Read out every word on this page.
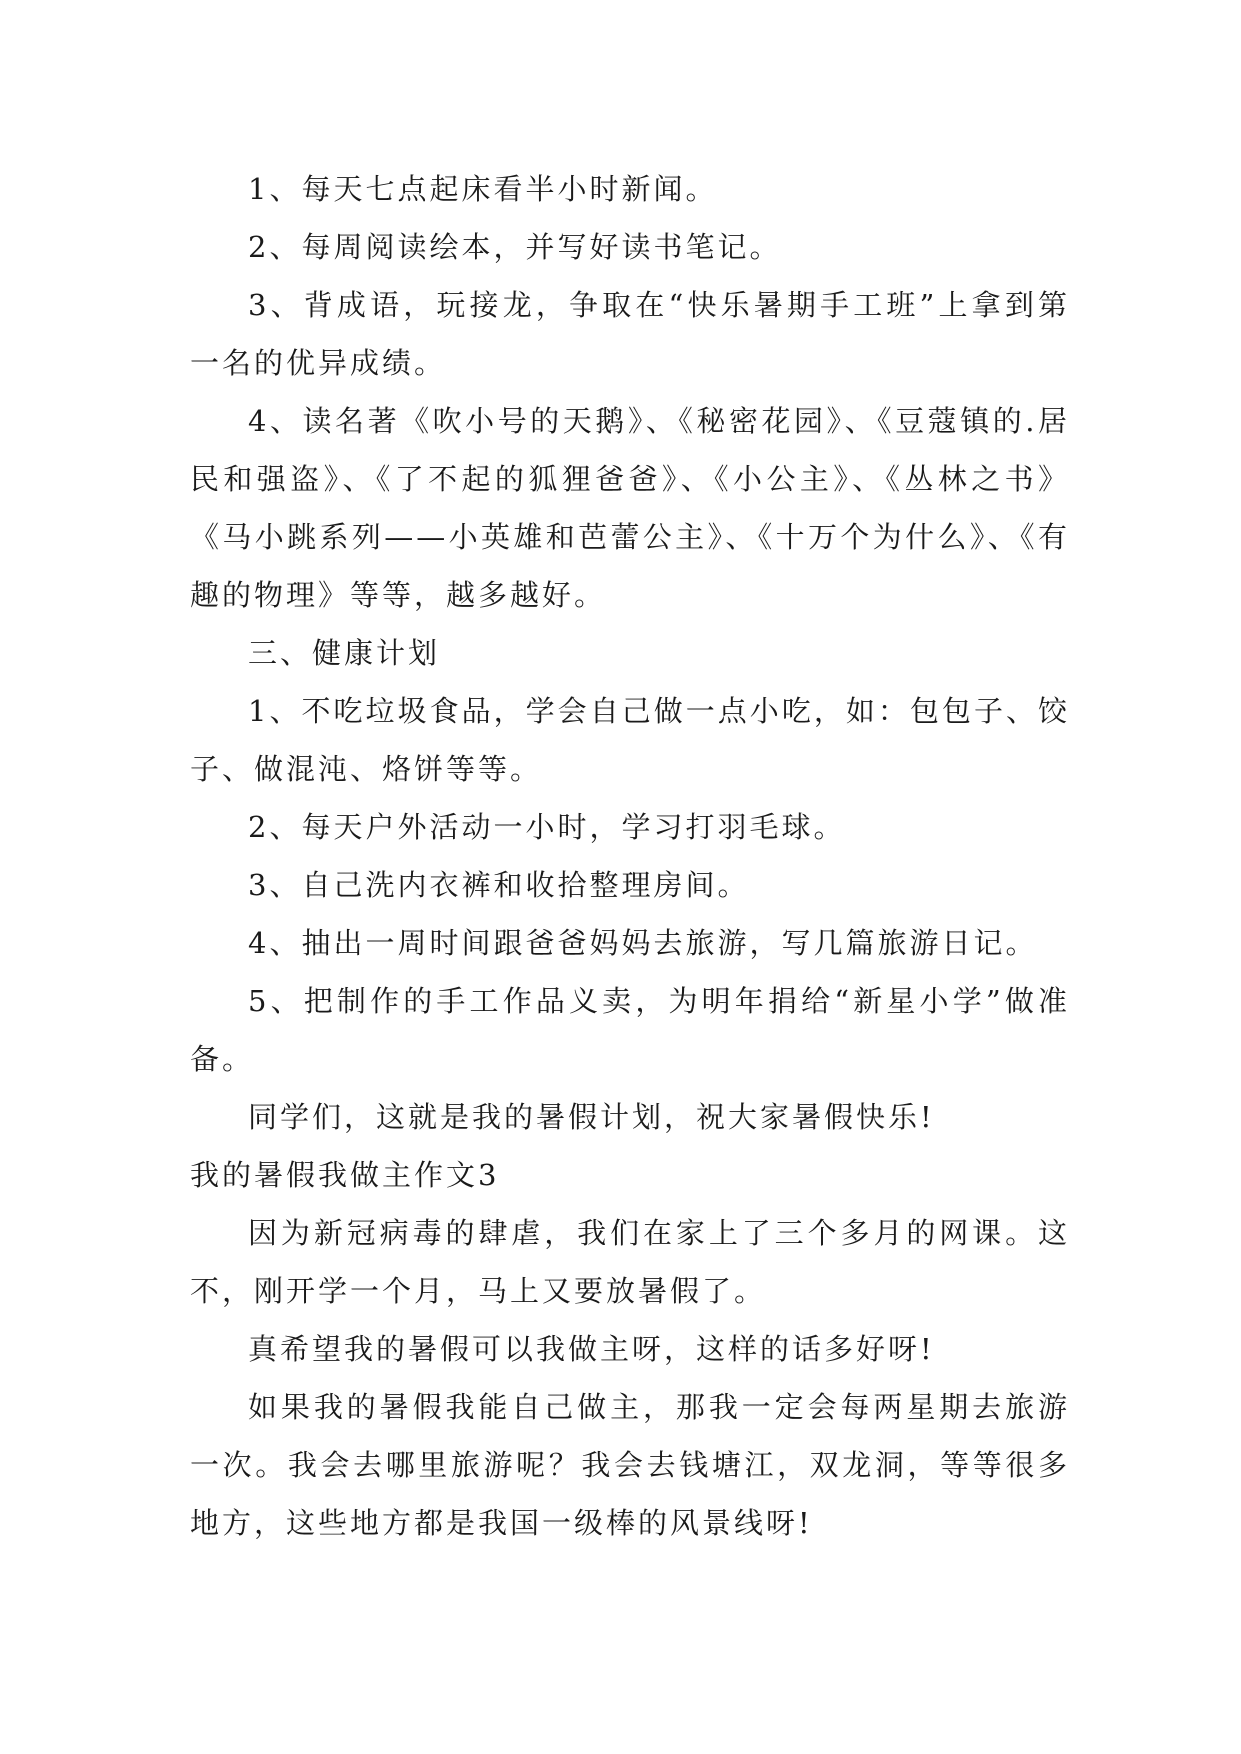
1、每天七点起床看半小时新闻。

2、每周阅读绘本，并写好读书笔记。

3、背成语，玩接龙，争取在“快乐暑期手工班”上拿到第一名的优异成绩。

4、读名著《吹小号的天鹅》、《秘密花园》、《豆蔻镇的.居民和强盗》、《了不起的狐狸爸爸》、《小公主》、《丛林之书》《马小跳系列——小英雄和芭蕾公主》、《十万个为什么》、《有趣的物理》等等，越多越好。

三、健康计划

1、不吃垃圾食品，学会自己做一点小吃，如：包包子、饺子、做混沌、烙饼等等。

2、每天户外活动一小时，学习打羽毛球。

3、自己洗内衣裤和收拾整理房间。

4、抽出一周时间跟爸爸妈妈去旅游，写几篇旅游日记。

5、把制作的手工作品义卖，为明年捐给“新星小学”做准备。

同学们，这就是我的暑假计划，祝大家暑假快乐!

我的暑假我做主作文3

因为新冠病毒的肆虐，我们在家上了三个多月的网课。这不，刚开学一个月，马上又要放暑假了。

真希望我的暑假可以我做主呀，这样的话多好呀!

如果我的暑假我能自己做主，那我一定会每两星期去旅游一次。我会去哪里旅游呢？我会去钱塘江，双龙洞，等等很多地方，这些地方都是我国一级棒的风景线呀!
